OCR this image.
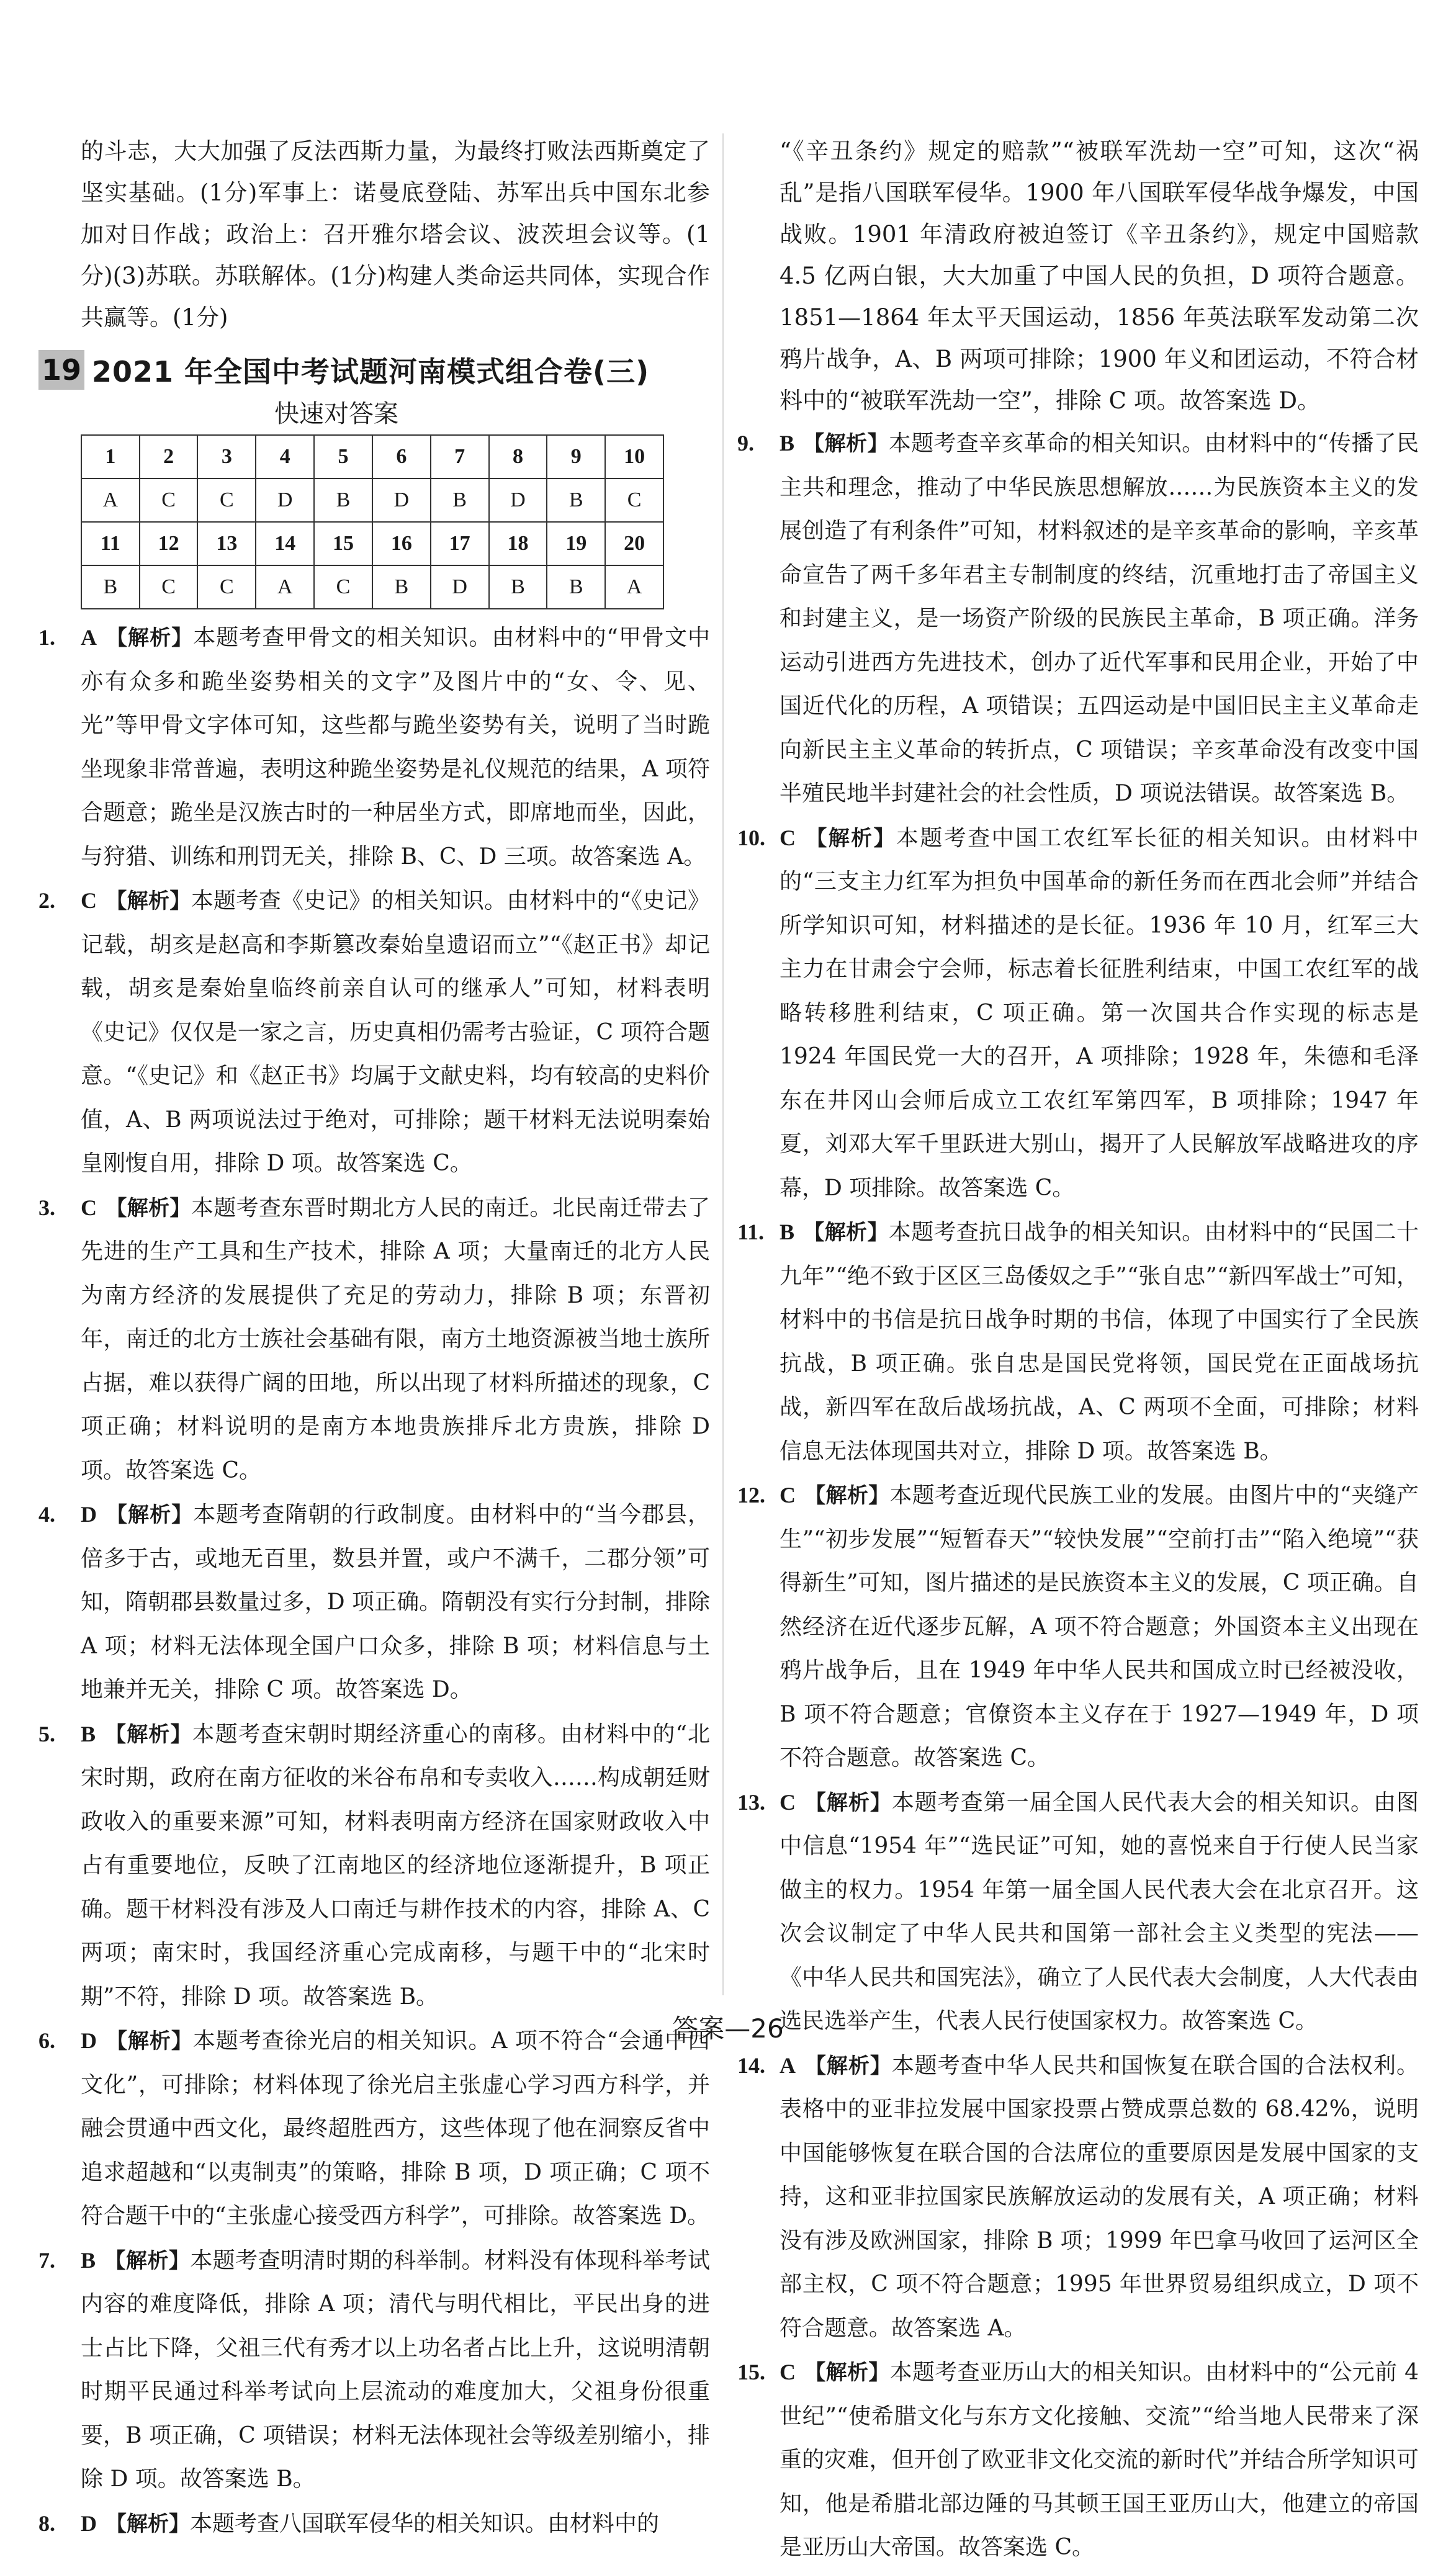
的斗志，大大加强了反法西斯力量，为最终打败法西斯奠定了坚实基础。(1分)军事上：诺曼底登陆、苏军出兵中国东北参加对日作战；政治上：召开雅尔塔会议、波茨坦会议等。(1分)(3)苏联。苏联解体。(1分)构建人类命运共同体，实现合作共赢等。(1分)

19 2021 年全国中考试题河南模式组合卷(三)
快速对答案
1	2	3	4	5	6	7	8	9	10
A	C	C	D	B	D	B	D	B	C
11	12	13	14	15	16	17	18	19	20
B	C	C	A	C	B	D	B	B	A

1. A 【解析】本题考查甲骨文的相关知识。由材料中的“甲骨文中亦有众多和跪坐姿势相关的文字”及图片中的“女、令、见、光”等甲骨文字体可知，这些都与跪坐姿势有关，说明了当时跪坐现象非常普遍，表明这种跪坐姿势是礼仪规范的结果，A 项符合题意；跪坐是汉族古时的一种居坐方式，即席地而坐，因此，与狩猎、训练和刑罚无关，排除 B、C、D 三项。故答案选 A。

2. C 【解析】本题考查《史记》的相关知识。由材料中的“《史记》记载，胡亥是赵高和李斯篡改秦始皇遗诏而立”“《赵正书》却记载，胡亥是秦始皇临终前亲自认可的继承人”可知，材料表明《史记》仅仅是一家之言，历史真相仍需考古验证，C 项符合题意。“《史记》和《赵正书》均属于文献史料，均有较高的史料价值，A、B 两项说法过于绝对，可排除；题干材料无法说明秦始皇刚愎自用，排除 D 项。故答案选 C。

3. C 【解析】本题考查东晋时期北方人民的南迁。北民南迁带去了先进的生产工具和生产技术，排除 A 项；大量南迁的北方人民为南方经济的发展提供了充足的劳动力，排除 B 项；东晋初年，南迁的北方士族社会基础有限，南方土地资源被当地士族所占据，难以获得广阔的田地，所以出现了材料所描述的现象，C 项正确；材料说明的是南方本地贵族排斥北方贵族，排除 D 项。故答案选 C。

4. D 【解析】本题考查隋朝的行政制度。由材料中的“当今郡县，倍多于古，或地无百里，数县并置，或户不满千，二郡分领”可知，隋朝郡县数量过多，D 项正确。隋朝没有实行分封制，排除 A 项；材料无法体现全国户口众多，排除 B 项；材料信息与土地兼并无关，排除 C 项。故答案选 D。

5. B 【解析】本题考查宋朝时期经济重心的南移。由材料中的“北宋时期，政府在南方征收的米谷布帛和专卖收入……构成朝廷财政收入的重要来源”可知，材料表明南方经济在国家财政收入中占有重要地位，反映了江南地区的经济地位逐渐提升，B 项正确。题干材料没有涉及人口南迁与耕作技术的内容，排除 A、C 两项；南宋时，我国经济重心完成南移，与题干中的“北宋时期”不符，排除 D 项。故答案选 B。

6. D 【解析】本题考查徐光启的相关知识。A 项不符合“会通中西文化”，可排除；材料体现了徐光启主张虚心学习西方科学，并融会贯通中西文化，最终超胜西方，这些体现了他在洞察反省中追求超越和“以夷制夷”的策略，排除 B 项，D 项正确；C 项不符合题干中的“主张虚心接受西方科学”，可排除。故答案选 D。

7. B 【解析】本题考查明清时期的科举制。材料没有体现科举考试内容的难度降低，排除 A 项；清代与明代相比，平民出身的进士占比下降，父祖三代有秀才以上功名者占比上升，这说明清朝时期平民通过科举考试向上层流动的难度加大，父祖身份很重要，B 项正确，C 项错误；材料无法体现社会等级差别缩小，排除 D 项。故答案选 B。

8. D 【解析】本题考查八国联军侵华的相关知识。由材料中的

“《辛丑条约》规定的赔款”“被联军洗劫一空”可知，这次“祸乱”是指八国联军侵华。1900 年八国联军侵华战争爆发，中国战败。1901 年清政府被迫签订《辛丑条约》，规定中国赔款 4.5 亿两白银，大大加重了中国人民的负担，D 项符合题意。1851—1864 年太平天国运动，1856 年英法联军发动第二次鸦片战争，A、B 两项可排除；1900 年义和团运动，不符合材料中的“被联军洗劫一空”，排除 C 项。故答案选 D。

9. B 【解析】本题考查辛亥革命的相关知识。由材料中的“传播了民主共和理念，推动了中华民族思想解放……为民族资本主义的发展创造了有利条件”可知，材料叙述的是辛亥革命的影响，辛亥革命宣告了两千多年君主专制制度的终结，沉重地打击了帝国主义和封建主义，是一场资产阶级的民族民主革命，B 项正确。洋务运动引进西方先进技术，创办了近代军事和民用企业，开始了中国近代化的历程，A 项错误；五四运动是中国旧民主主义革命走向新民主主义革命的转折点，C 项错误；辛亥革命没有改变中国半殖民地半封建社会的社会性质，D 项说法错误。故答案选 B。

10. C 【解析】本题考查中国工农红军长征的相关知识。由材料中的“三支主力红军为担负中国革命的新任务而在西北会师”并结合所学知识可知，材料描述的是长征。1936 年 10 月，红军三大主力在甘肃会宁会师，标志着长征胜利结束，中国工农红军的战略转移胜利结束，C 项正确。第一次国共合作实现的标志是 1924 年国民党一大的召开，A 项排除；1928 年，朱德和毛泽东在井冈山会师后成立工农红军第四军，B 项排除；1947 年夏，刘邓大军千里跃进大别山，揭开了人民解放军战略进攻的序幕，D 项排除。故答案选 C。

11. B 【解析】本题考查抗日战争的相关知识。由材料中的“民国二十九年”“绝不致于区区三岛倭奴之手”“张自忠”“新四军战士”可知，材料中的书信是抗日战争时期的书信，体现了中国实行了全民族抗战，B 项正确。张自忠是国民党将领，国民党在正面战场抗战，新四军在敌后战场抗战，A、C 两项不全面，可排除；材料信息无法体现国共对立，排除 D 项。故答案选 B。

12. C 【解析】本题考查近现代民族工业的发展。由图片中的“夹缝产生”“初步发展”“短暂春天”“较快发展”“空前打击”“陷入绝境”“获得新生”可知，图片描述的是民族资本主义的发展，C 项正确。自然经济在近代逐步瓦解，A 项不符合题意；外国资本主义出现在鸦片战争后，且在 1949 年中华人民共和国成立时已经被没收，B 项不符合题意；官僚资本主义存在于 1927—1949 年，D 项不符合题意。故答案选 C。

13. C 【解析】本题考查第一届全国人民代表大会的相关知识。由图中信息“1954 年”“选民证”可知，她的喜悦来自于行使人民当家做主的权力。1954 年第一届全国人民代表大会在北京召开。这次会议制定了中华人民共和国第一部社会主义类型的宪法——《中华人民共和国宪法》，确立了人民代表大会制度，人大代表由选民选举产生，代表人民行使国家权力。故答案选 C。

14. A 【解析】本题考查中华人民共和国恢复在联合国的合法权利。表格中的亚非拉发展中国家投票占赞成票总数的 68.42%，说明中国能够恢复在联合国的合法席位的重要原因是发展中国家的支持，这和亚非拉国家民族解放运动的发展有关，A 项正确；材料没有涉及欧洲国家，排除 B 项；1999 年巴拿马收回了运河区全部主权，C 项不符合题意；1995 年世界贸易组织成立，D 项不符合题意。故答案选 A。

15. C 【解析】本题考查亚历山大的相关知识。由材料中的“公元前 4 世纪”“使希腊文化与东方文化接触、交流”“给当地人民带来了深重的灾难，但开创了欧亚非文化交流的新时代”并结合所学知识可知，他是希腊北部边陲的马其顿王国王亚历山大，他建立的帝国是亚历山大帝国。故答案选 C。

答案—26
